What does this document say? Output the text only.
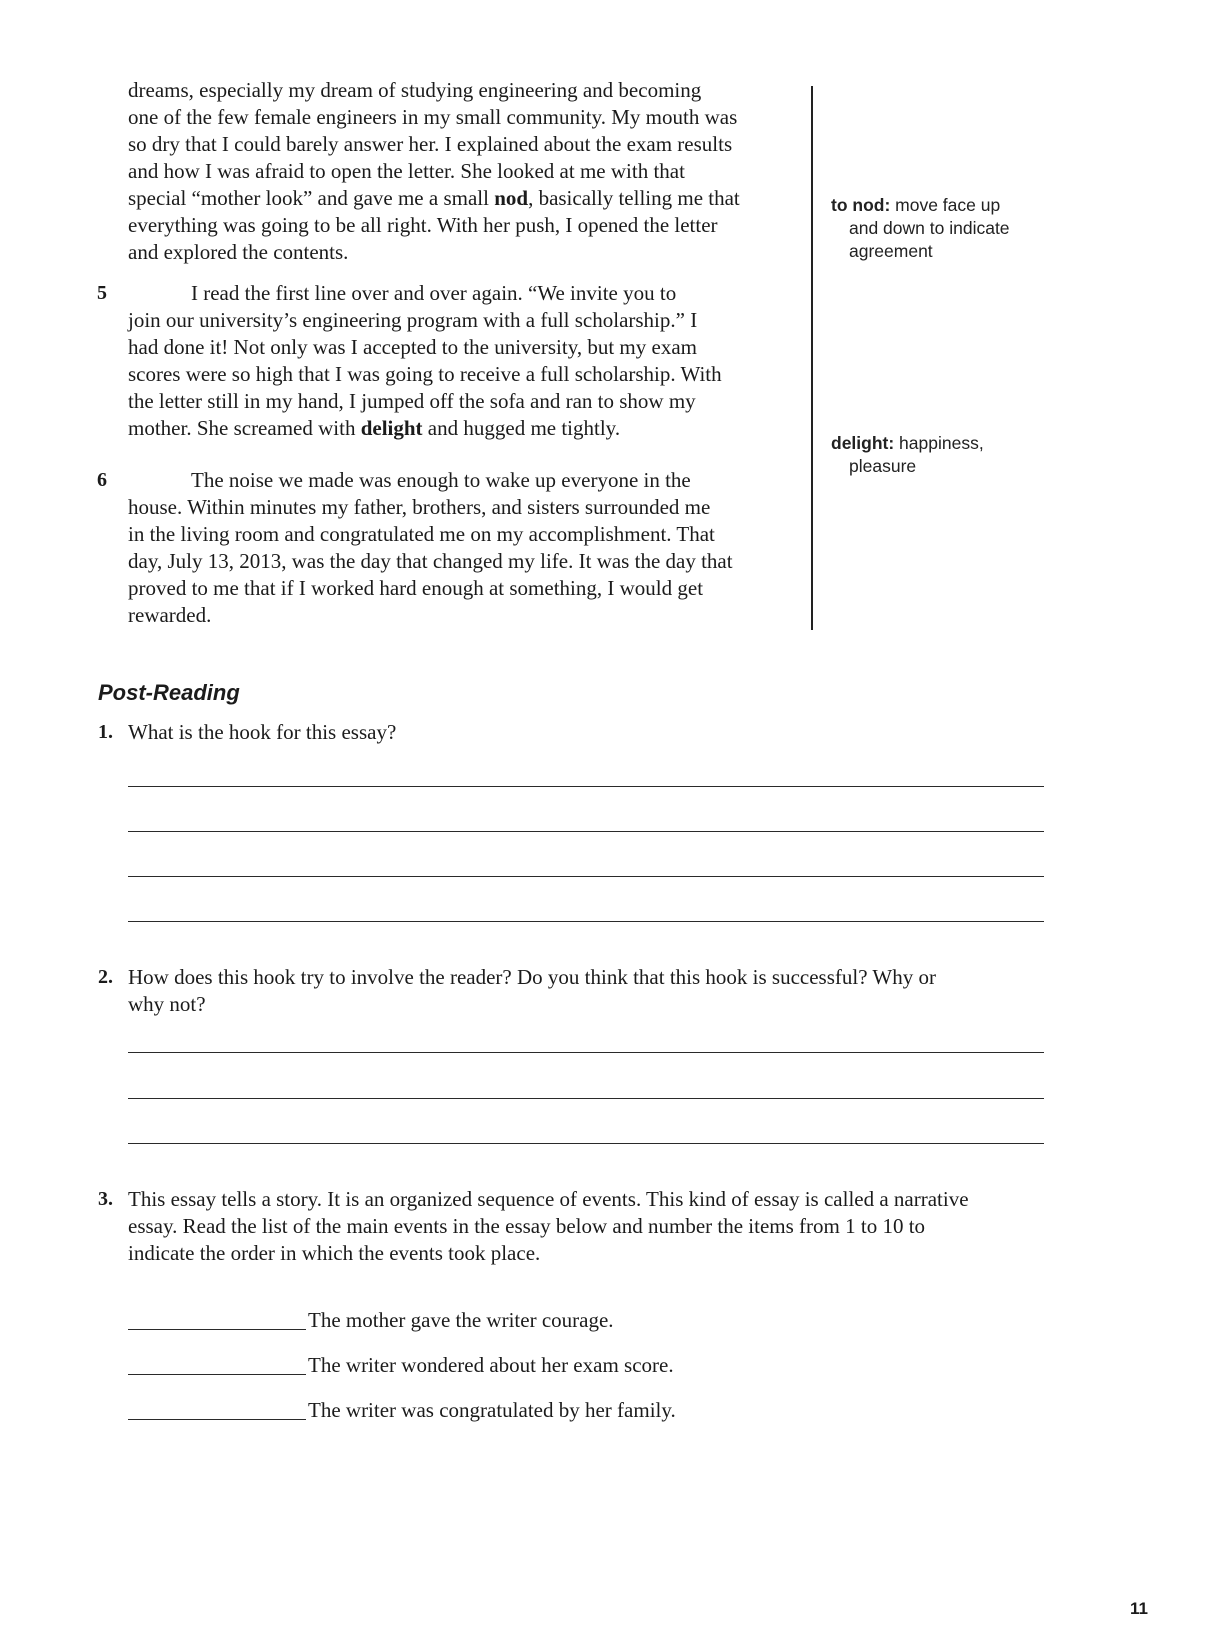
dreams, especially my dream of studying engineering and becoming
one of the few female engineers in my small community. My mouth was
so dry that I could barely answer her. I explained about the exam results
and how I was afraid to open the letter. She looked at me with that
special “mother look” and gave me a small nod, basically telling me that
everything was going to be all right. With her push, I opened the letter
and explored the contents.
5	I read the first line over and over again. “We invite you to
join our university’s engineering program with a full scholarship.” I
had done it! Not only was I accepted to the university, but my exam
scores were so high that I was going to receive a full scholarship. With
the letter still in my hand, I jumped off the sofa and ran to show my
mother. She screamed with delight and hugged me tightly.
6	The noise we made was enough to wake up everyone in the
house. Within minutes my father, brothers, and sisters surrounded me
in the living room and congratulated me on my accomplishment. That
day, July 13, 2013, was the day that changed my life. It was the day that
proved to me that if I worked hard enough at something, I would get
rewarded.
to nod: move face up
and down to indicate
agreement
delight: happiness,
pleasure
Post-Reading
1. What is the hook for this essay?
2. How does this hook try to involve the reader? Do you think that this hook is successful? Why or
why not?
3. This essay tells a story. It is an organized sequence of events. This kind of essay is called a narrative
essay. Read the list of the main events in the essay below and number the items from 1 to 10 to
indicate the order in which the events took place.
The mother gave the writer courage.
The writer wondered about her exam score.
The writer was congratulated by her family.
11
